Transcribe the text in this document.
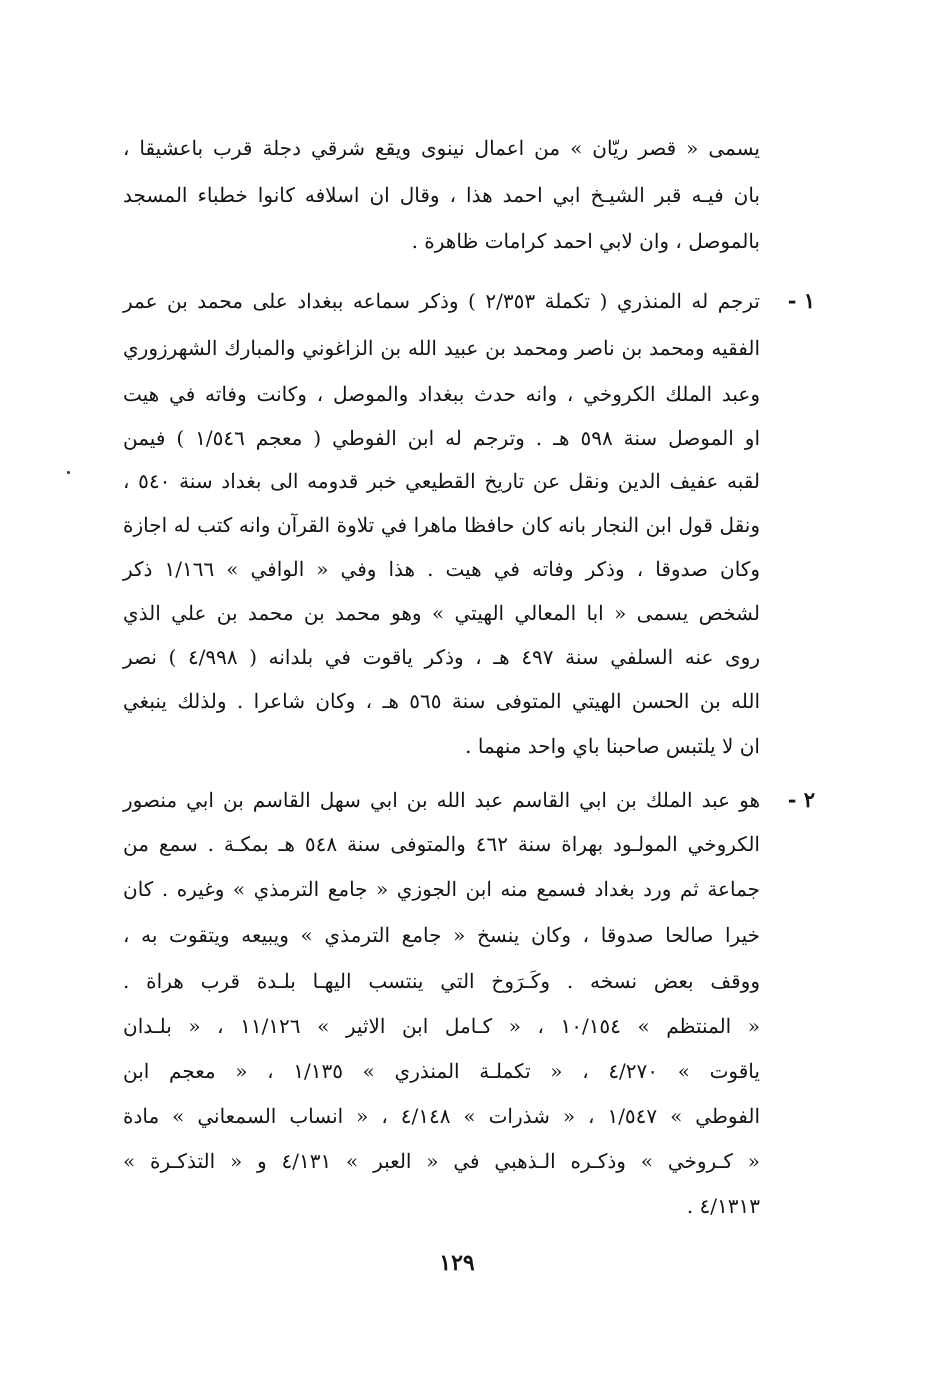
يسمى « قصر ريّان » من اعمال نينوى ويقع شرقي دجلة قرب باعشيقا ،
بان فيـه قبر الشيـخ ابي احمد هذا ، وقال ان اسلافه كانوا خطباء المسجد
بالموصل ، وان لابي احمد كرامات ظاهرة .
١ -
ترجم له المنذري ( تكملة ٢/٣٥٣ ) وذكر سماعه ببغداد على محمد بن عمر
الفقيه ومحمد بن ناصر ومحمد بن عبيد الله بن الزاغوني والمبارك الشهرزوري
وعبد الملك الكروخي ، وانه حدث ببغداد والموصل ، وكانت وفاته في هيت
او الموصل سنة ٥٩٨ هـ . وترجم له ابن الفوطي ( معجم ١/٥٤٦ ) فيمن
لقبه عفيف الدين ونقل عن تاريخ القطيعي خبر قدومه الى بغداد سنة ٥٤٠ ،
ونقل قول ابن النجار بانه كان حافظا ماهرا في تلاوة القرآن وانه كتب له اجازة
وكان صدوقا ، وذكر وفاته في هيت . هذا وفي « الوافي » ١/١٦٦ ذكر
لشخص يسمى « ابا المعالي الهيتي » وهو محمد بن محمد بن علي الذي
روى عنه السلفي سنة ٤٩٧ هـ ، وذكر ياقوت في بلدانه ( ٤/٩٩٨ ) نصر
الله بن الحسن الهيتي المتوفى سنة ٥٦٥ هـ ، وكان شاعرا . ولذلك ينبغي
ان لا يلتبس صاحبنا باي واحد منهما .
٢ -
هو عبد الملك بن ابي القاسم عبد الله بن ابي سهل القاسم بن ابي منصور
الكروخي المولـود بهراة سنة ٤٦٢ والمتوفى سنة ٥٤٨ هـ بمكـة . سمع من
جماعة ثم ورد بغداد فسمع منه ابن الجوزي « جامع الترمذي » وغيره . كان
خيرا صالحا صدوقا ، وكان ينسخ « جامع الترمذي » ويبيعه ويتقوت به ،
ووقف بعض نسخه . وكَـرَوخ التي ينتسب اليهـا بلـدة قرب هراة .
« المنتظم » ١٠/١٥٤ ، « كـامل ابن الاثير » ١١/١٢٦ ، « بلـدان
ياقوت » ٤/٢٧٠ ، « تكملـة المنذري » ١/١٣٥ ، « معجم ابن
الفوطي » ١/٥٤٧ ، « شذرات » ٤/١٤٨ ، « انساب السمعاني » مادة
« كـروخي » وذكـره الـذهبي في « العبر » ٤/١٣١ و « التذكـرة »
٤/١٣١٣ .
١٢٩
